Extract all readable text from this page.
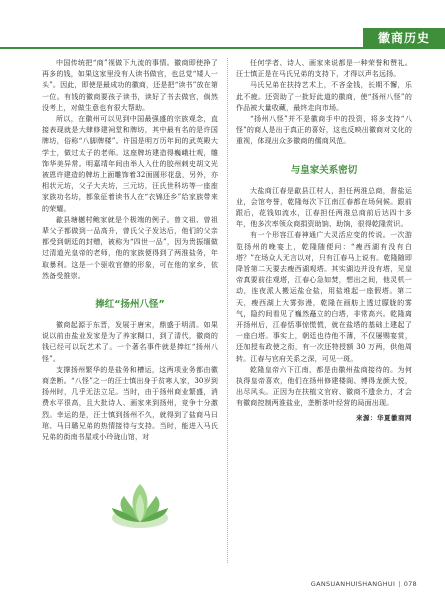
徽商历史

中国传统把“商”视做下九流的事情。徽商即使挣了再多的钱，如果这家里没有人读书做官，也总觉“矮人一头”。因此，即使是最成功的徽商，还是把“读书”放在第一位。有钱的徽商要孩子读书，读好了书去做官，倘然没考上，对做生意也有很大帮助。

所以，在徽州可以见到中国最强盛的宗族观念，直接表现就是大肆修建祠堂和牌坊，其中最有名的是许国牌坊，俗称“八脚牌楼”。许国是明万历年间的武英殿大学士，做过太子的老师。这座牌坊建造得巍峨壮观，雕饰华美异常。明嘉靖年间由举人入仕的胶州刺史胡文光被恩许建造的牌坊上面雕饰着32面圆形花盘，另外，亦相状元坊，父子大夫坊，三元坊，汪氏世科坊等一座座家族功名坊，都象征着读书人在“衣锦还乡”给家族带来的荣耀。

歙县塘樾村鲍家就是个极端的例子。曾文祖、曾祖辈父子都做到一品高升，曾氏父子发达后，他们的父亲都受到朝廷的封赠，被称为“四世一品”，因为贵振缅做过清道光皇帝的老师，他的家族便得到了两淮盐务，年取暴利。这是一个驱收官僚的形象，可在他的家乡，依然备受推崇。

捧红“扬州八怪”

徽商起源于东晋，发展于唐宋，鼎盛于明清。如果说以前由盐业发家是为了养家糊口，到了清代，徽商的钱已经可以玩艺术了。一个著名事件就是捧红“扬州八怪”。

支撑扬州繁华的是盐务和槽运，这两项业务都由徽商垄断。“八怪”之一的汪士慎出身于贫寒人家，30岁到扬州时，几乎无法立足。当时，由于扬州商业繁盛，消费水平很高，且大批诗人、画家来到扬州，竞争十分激烈。幸运的是，汪士慎到扬州不久，就得到了盐商马曰琯、马曰璐兄弟的热情接待与支持。当时，能进入马氏兄弟的街南书屋或小玲珑山馆，对

任何学者、诗人、画家来说都是一种荣誉和赞礼。汪士慎正是在马氏兄弟的支持下，才得以声名远扬。

马氏兄弟在扶持艺术上，不吝金钱，长期不懈，乐此不疲。还资助了一批好此道的徽商，使“扬州八怪”的作品被大量收藏，最终走向市场。

“扬州八怪”并不是徽商手中的投资，将多支持“八怪”的商人是出于真正的喜好，这也反映出徽商对文化的重视，体现出众多徽商的儒商风范。

与皇家关系密切

大盐商江春是歙县江村人，担任两淮总商，督盐运业，会馆夸誉，乾隆每次下江南江春都在场伺候。跟前跟后，花钱如流水，江春担任两淮总商前后达四十多年，他多次率领众商捐资助饷、助饷，很得乾隆赏识。

有一个形容江春神通广大灵活应变的传说。一次游览扬州的晚宴上，乾隆随便问：“瘦西湖有没有白塔？”在场众人无言以对，只有江春马上说有。乾隆随即降旨第二天要去瘦西湖观塔。其实湖边并没有塔，见皇帝真要前往观塔，江春心急如焚，想出之间，他灵机一动，连夜派人搬运盐仓盐，用盐堆起一座假塔。第二天，瘦西湖上大雾弥漫，乾隆在画舫上透过朦胧的雾气，隐约间看见了巍然矗立的白塔，非常高兴。乾隆离开扬州后，江春恬事惊慌慌，就在盐塔的基础上建起了一座白塔。事实上，朝廷也待他不薄，不仅屡赐宴赏，还加授布政使之衔，有一次还特授额 30 万两，供他周转。江春与官府关系之深，可见一斑。

乾隆皇帝六下江南，都是由徽州盐商接待的。为何执得皇帝喜欢，他们在扬州修建楼阁、博得龙颜大悦，出尽风头。正因为在扶植文官府、徽商不遗余力，才会有徽商控制两淮盐业，垄断茶叶经营的局面出现。

来源：华夏徽商网
GANSUANHUISHANGHUI | 078
